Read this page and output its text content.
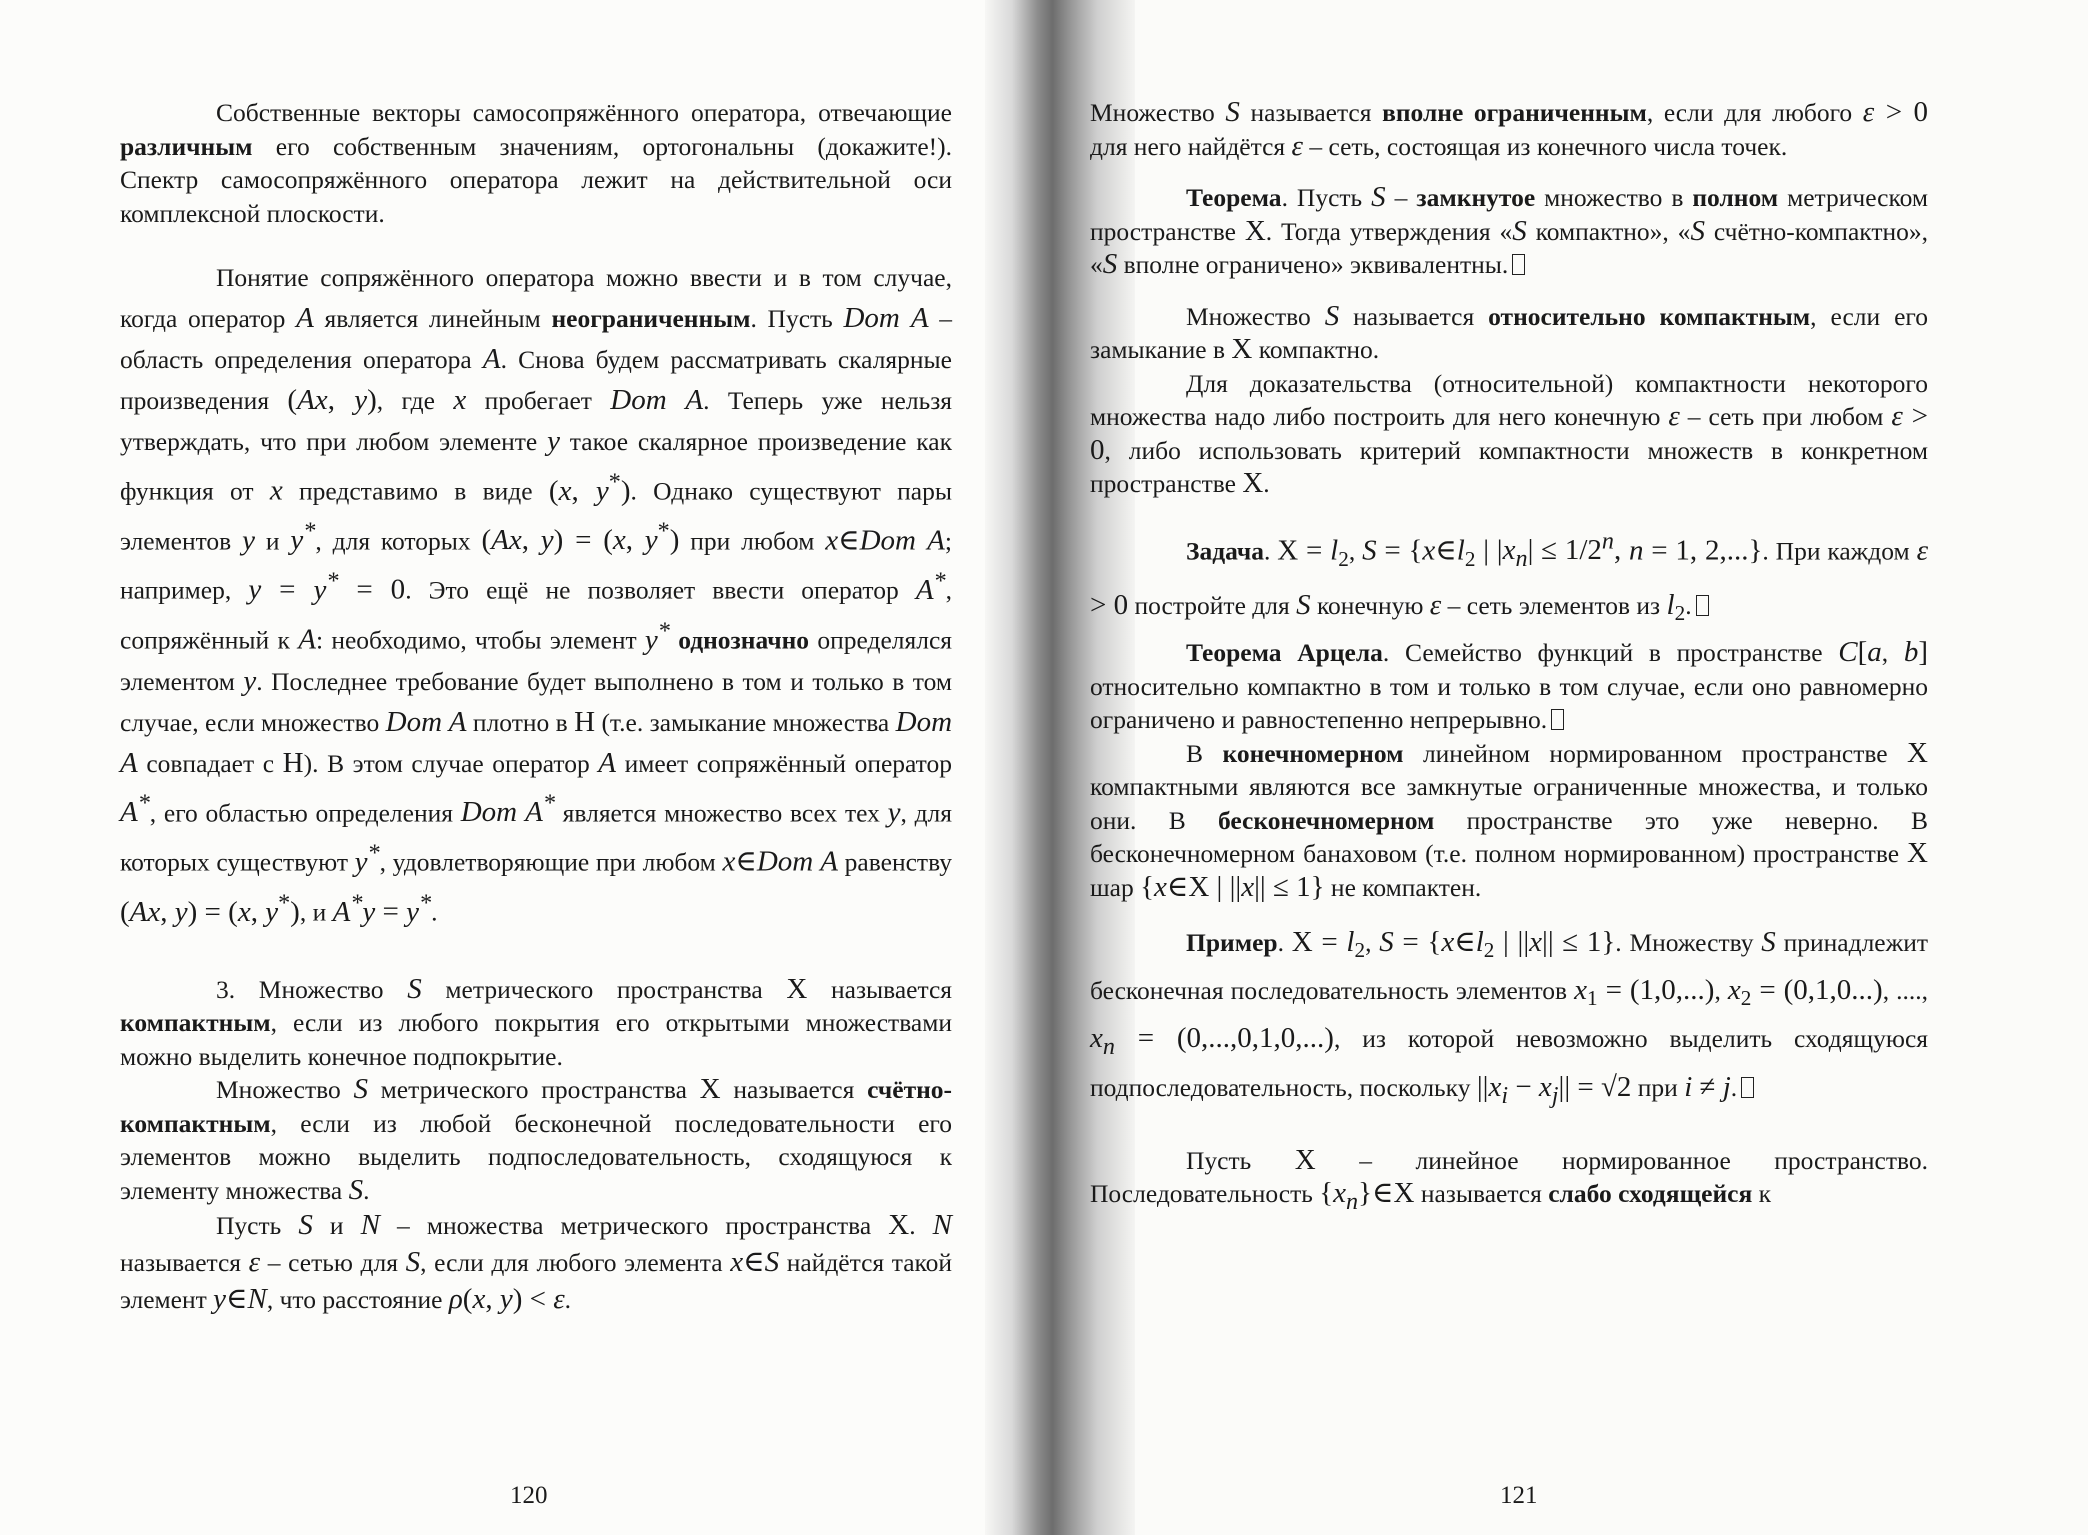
Собственные векторы самосопряжённого оператора, отвечающие различным его собственным значениям, ортогональны (докажите!). Спектр самосопряжённого оператора лежит на действительной оси комплексной плоскости.

Понятие сопряжённого оператора можно ввести и в том случае, когда оператор A является линейным неограниченным. Пусть Dom A – область определения оператора A. Снова будем рассматривать скалярные произведения (Ax, y), где x пробегает Dom A. Теперь уже нельзя утверждать, что при любом элементе y такое скалярное произведение как функция от x представимо в виде (x, y*). Однако существуют пары элементов y и y*, для которых (Ax, y) = (x, y*) при любом x∈Dom A; например, y = y* = 0. Это ещё не позволяет ввести оператор A*, сопряжённый к A: необходимо, чтобы элемент y* однозначно определялся элементом y. Последнее требование будет выполнено в том и только в том случае, если множество Dom A плотно в H (т.е. замыкание множества Dom A совпадает с H). В этом случае оператор A имеет сопряжённый оператор A*, его областью определения Dom A* является множество всех тех y, для которых существуют y*, удовлетворяющие при любом x∈Dom A равенству (Ax, y) = (x, y*), и A*y = y*.

3. Множество S метрического пространства X называется компактным, если из любого покрытия его открытыми множествами можно выделить конечное подпокрытие.

Множество S метрического пространства X называется счётно-компактным, если из любой бесконечной последовательности его элементов можно выделить подпоследовательность, сходящуюся к элементу множества S.

Пусть S и N – множества метрического пространства X. N называется ε – сетью для S, если для любого элемента x∈S найдётся такой элемент y∈N, что расстояние ρ(x, y) < ε.

120

Множество S называется вполне ограниченным, если для любого ε > 0 для него найдётся ε – сеть, состоящая из конечного числа точек.

Теорема. Пусть S – замкнутое множество в полном метрическом пространстве X. Тогда утверждения «S компактно», «S счётно-компактно», «S вполне ограничено» эквивалентны.

Множество S называется относительно компактным, если его замыкание в X компактно.

Для доказательства (относительной) компактности некоторого множества надо либо построить для него конечную ε – сеть при любом ε > 0, либо использовать критерий компактности множеств в конкретном пространстве X.

Задача. $X = l_2$, $S = \{x\in l_2$ | $|x_n| \le 1/2^n$, n = 1, 2,...}. При каждом ε > 0 постройте для S конечную ε – сеть элементов из $l_2$.

Теорема Арцела. Семейство функций в пространстве C[a, b] относительно компактно в том и только в том случае, если оно равномерно ограничено и равностепенно непрерывно.

В конечномерном линейном нормированном пространстве X компактными являются все замкнутые ограниченные множества, и только они. В бесконечномерном пространстве это уже неверно. В бесконечномерном банаховом (т.е. полном нормированном) пространстве X шар {x∈X | ||x|| ≤ 1} не компактен.

Пример. $X = l_2$, $S = \{x\in l_2$ | ||x|| ≤ 1}. Множеству S принадлежит бесконечная последовательность элементов $x_1 = (1,0,...)$, $x_2 = (0,1,0...)$, ...., $x_n = (0,...,0,1,0,...)$, из которой невозможно выделить сходящуюся подпоследовательность, поскольку $||x_i - x_j|| = √2$ при i ≠ j.

Пусть X – линейное нормированное пространство. Последовательность $\{x_n\}\in X$ называется слабо сходящейся к

121
